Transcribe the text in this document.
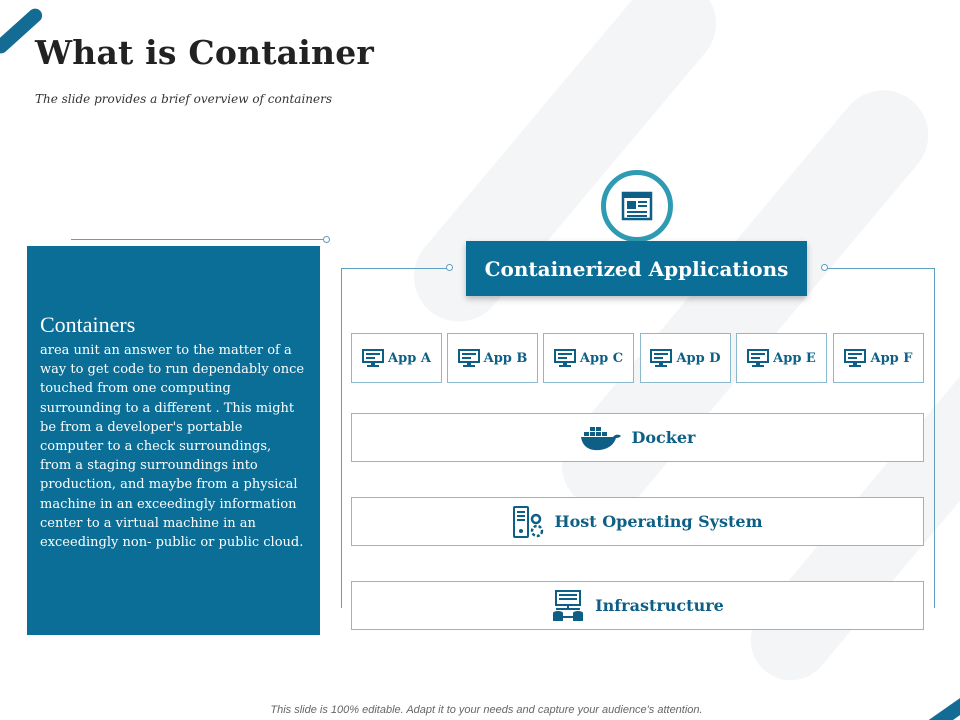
What is Container
The slide provides a brief overview of containers
Containers
area unit an answer to the matter of a way to get code to run dependably once touched from one computing surrounding to a different . This might be from a developer's portable computer to a check surroundings, from a staging surroundings into production, and maybe from a physical machine in an exceedingly information center to a virtual machine in an exceedingly non- public or public cloud.
Containerized Applications
App A	App B	App C	App D	App E	App F
Docker
Host Operating System
Infrastructure
This slide is 100% editable. Adapt it to your needs and capture your audience's attention.
